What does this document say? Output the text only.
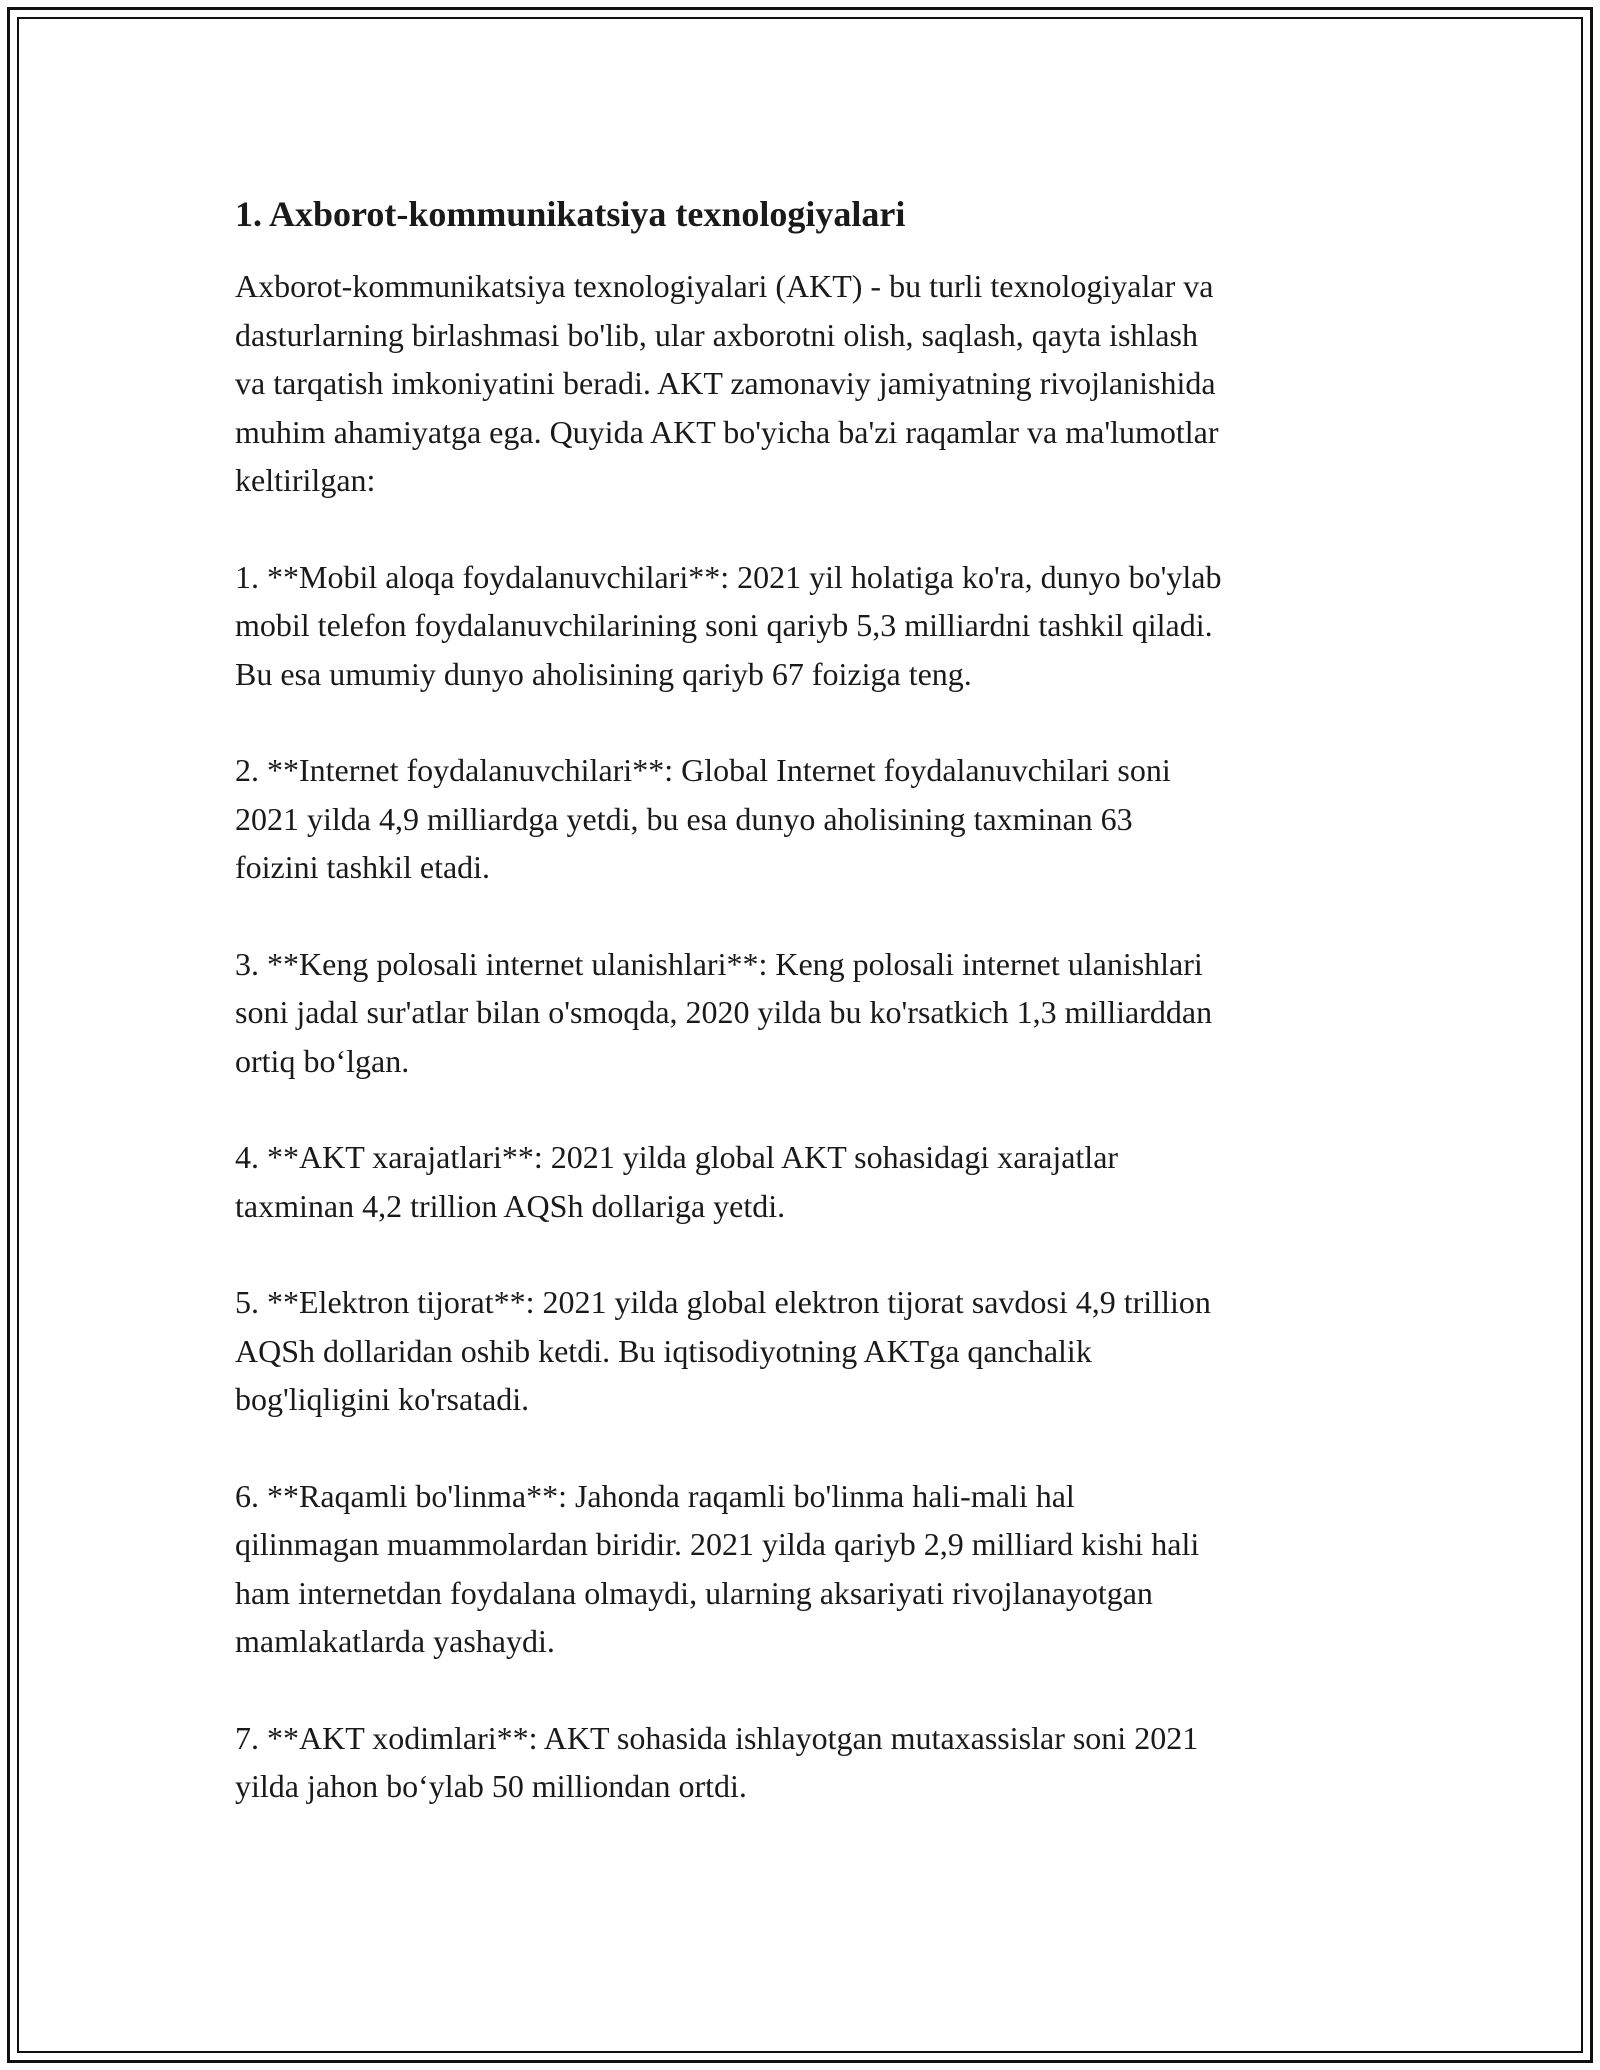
1. Axborot-kommunikatsiya texnologiyalari

Axborot-kommunikatsiya texnologiyalari (AKT) - bu turli texnologiyalar va
dasturlarning birlashmasi bo'lib, ular axborotni olish, saqlash, qayta ishlash
va tarqatish imkoniyatini beradi. AKT zamonaviy jamiyatning rivojlanishida
muhim ahamiyatga ega. Quyida AKT bo'yicha ba'zi raqamlar va ma'lumotlar
keltirilgan:

1. **Mobil aloqa foydalanuvchilari**: 2021 yil holatiga ko'ra, dunyo bo'ylab
mobil telefon foydalanuvchilarining soni qariyb 5,3 milliardni tashkil qiladi.
Bu esa umumiy dunyo aholisining qariyb 67 foiziga teng.

2. **Internet foydalanuvchilari**: Global Internet foydalanuvchilari soni
2021 yilda 4,9 milliardga yetdi, bu esa dunyo aholisining taxminan 63
foizini tashkil etadi.

3. **Keng polosali internet ulanishlari**: Keng polosali internet ulanishlari
soni jadal sur'atlar bilan o'smoqda, 2020 yilda bu ko'rsatkich 1,3 milliarddan
ortiq bo‘lgan.

4. **AKT xarajatlari**: 2021 yilda global AKT sohasidagi xarajatlar
taxminan 4,2 trillion AQSh dollariga yetdi.

5. **Elektron tijorat**: 2021 yilda global elektron tijorat savdosi 4,9 trillion
AQSh dollaridan oshib ketdi. Bu iqtisodiyotning AKTga qanchalik
bog'liqligini ko'rsatadi.

6. **Raqamli bo'linma**: Jahonda raqamli bo'linma hali-mali hal
qilinmagan muammolardan biridir. 2021 yilda qariyb 2,9 milliard kishi hali
ham internetdan foydalana olmaydi, ularning aksariyati rivojlanayotgan
mamlakatlarda yashaydi.

7. **AKT xodimlari**: AKT sohasida ishlayotgan mutaxassislar soni 2021
yilda jahon bo‘ylab 50 milliondan ortdi.
